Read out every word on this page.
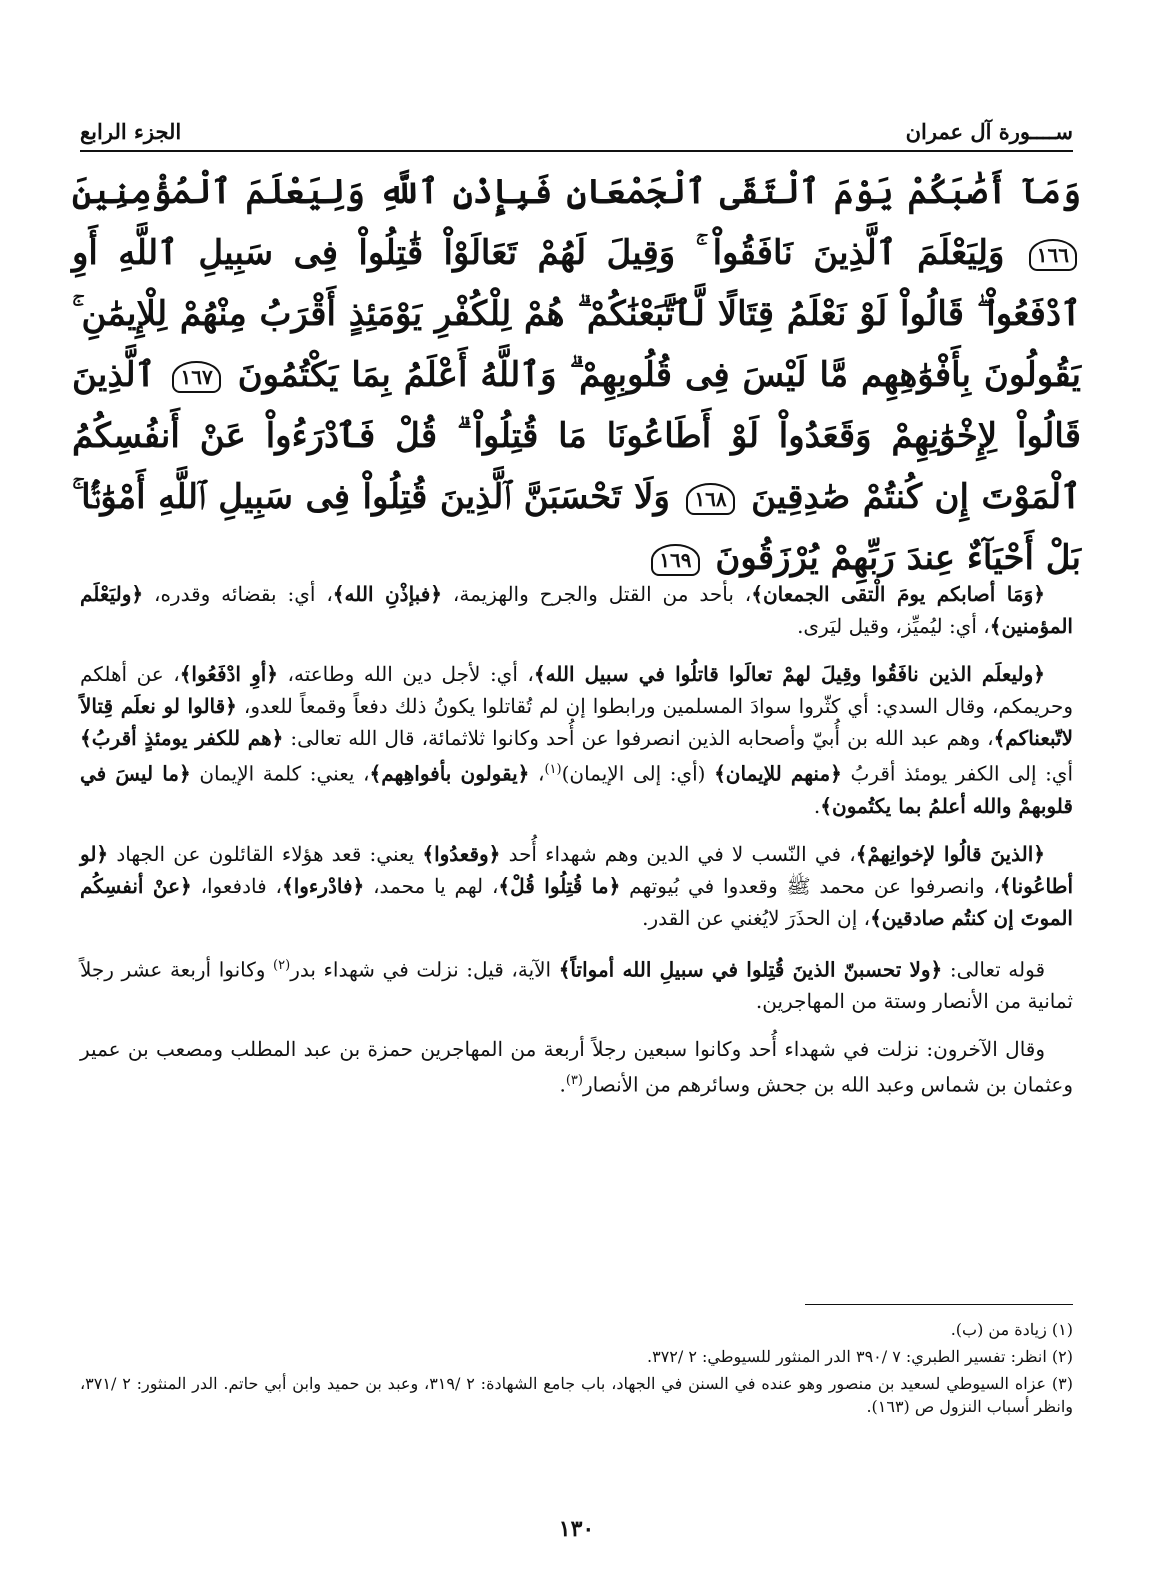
الجزء الرابع	ســــورة آل عمران
وَمَآ أَصَٰبَكُمْ يَوْمَ ٱلْتَقَى ٱلْجَمْعَانِ فَبِإِذْنِ ٱللَّهِ وَلِيَعْلَمَ ٱلْمُؤْمِنِينَ ١٦٦ وَلِيَعْلَمَ ٱلَّذِينَ نَافَقُواْ ۚ وَقِيلَ لَهُمْ تَعَالَوْاْ قَٰتِلُواْ فِى سَبِيلِ ٱللَّهِ أَوِ ٱدْفَعُواْ ۖ قَالُواْ لَوْ نَعْلَمُ قِتَالًا لَّٱتَّبَعْنَٰكُمْ ۗ هُمْ لِلْكُفْرِ يَوْمَئِذٍ أَقْرَبُ مِنْهُمْ لِلْإِيمَٰنِ ۚ يَقُولُونَ بِأَفْوَٰهِهِم مَّا لَيْسَ فِى قُلُوبِهِمْ ۗ وَٱللَّهُ أَعْلَمُ بِمَا يَكْتُمُونَ ١٦٧ ٱلَّذِينَ قَالُواْ لِإِخْوَٰنِهِمْ وَقَعَدُواْ لَوْ أَطَاعُونَا مَا قُتِلُواْ ۗ قُلْ فَٱدْرَءُواْ عَنْ أَنفُسِكُمُ ٱلْمَوْتَ إِن كُنتُمْ صَٰدِقِينَ ١٦٨ وَلَا تَحْسَبَنَّ ٱلَّذِينَ قُتِلُواْ فِى سَبِيلِ ٱللَّهِ أَمْوَٰتًۢا ۚ بَلْ أَحْيَآءٌ عِندَ رَبِّهِمْ يُرْزَقُونَ ١٦٩

﴿وَمَا أصابكم يومَ الْتقى الجمعان﴾، بأحد من القتل والجرح والهزيمة، ﴿فبإذْنِ الله﴾، أي: بقضائه وقدره، ﴿وليَعْلَم المؤمنين﴾، أي: ليُميِّز، وقيل ليَرى.

﴿وليعلَم الذين نافَقُوا وقِيلَ لهمْ تعالَوا قاتلُوا في سبيل الله﴾، أي: لأجل دين الله وطاعته، ﴿أوِ ادْفَعُوا﴾، عن أهلكم وحريمكم، وقال السدي: أي كثّروا سوادَ المسلمين ورابطوا إن لم تُقاتلوا يكونُ ذلك دفعاً وقمعاً للعدو، ﴿قالوا لو نعلَم قِتالاً لاتّبعناكم﴾، وهم عبد الله بن أُبيّ وأصحابه الذين انصرفوا عن أُحد وكانوا ثلاثمائة، قال الله تعالى: ﴿هم للكفر يومئذٍ أقربُ﴾ أي: إلى الكفر يومئذ أقربُ ﴿منهم للإيمان﴾ (أي: إلى الإيمان)$^{(١)}$، ﴿يقولون بأفواهِهم﴾، يعني: كلمة الإيمان ﴿ما ليسَ في قلوبهمْ والله أعلمُ بما يكتُمون﴾.

﴿الذينَ قالُوا لإخوانِهمْ﴾، في النّسب لا في الدين وهم شهداء أُحد ﴿وقعدُوا﴾ يعني: قعد هؤلاء القائلون عن الجهاد ﴿لو أطاعُونا﴾، وانصرفوا عن محمد ﷺ وقعدوا في بُيوتهم ﴿ما قُتِلُوا قُلْ﴾، لهم يا محمد، ﴿فادْرءوا﴾، فادفعوا، ﴿عنْ أنفسِكُم الموتَ إن كنتُم صادقين﴾، إن الحذَرَ لايُغني عن القدر.

قوله تعالى: ﴿ولا تحسبنّ الذينَ قُتِلوا في سبيلِ الله أمواتاً﴾ الآية، قيل: نزلت في شهداء بدر$^{(٢)}$ وكانوا أربعة عشر رجلاً ثمانية من الأنصار وستة من المهاجرين.

وقال الآخرون: نزلت في شهداء أُحد وكانوا سبعين رجلاً أربعة من المهاجرين حمزة بن عبد المطلب ومصعب بن عمير وعثمان بن شماس وعبد الله بن جحش وسائرهم من الأنصار$^{(٣)}$.

(١) زيادة من (ب).

(٢) انظر: تفسير الطبري: ٧ /٣٩٠ الدر المنثور للسيوطي: ٢ /٣٧٢.

(٣) عزاه السيوطي لسعيد بن منصور وهو عنده في السنن في الجهاد، باب جامع الشهادة: ٢ /٣١٩، وعبد بن حميد وابن أبي حاتم. الدر المنثور: ٢ /٣٧١، وانظر أسباب النزول ص (١٦٣).

١٣٠
